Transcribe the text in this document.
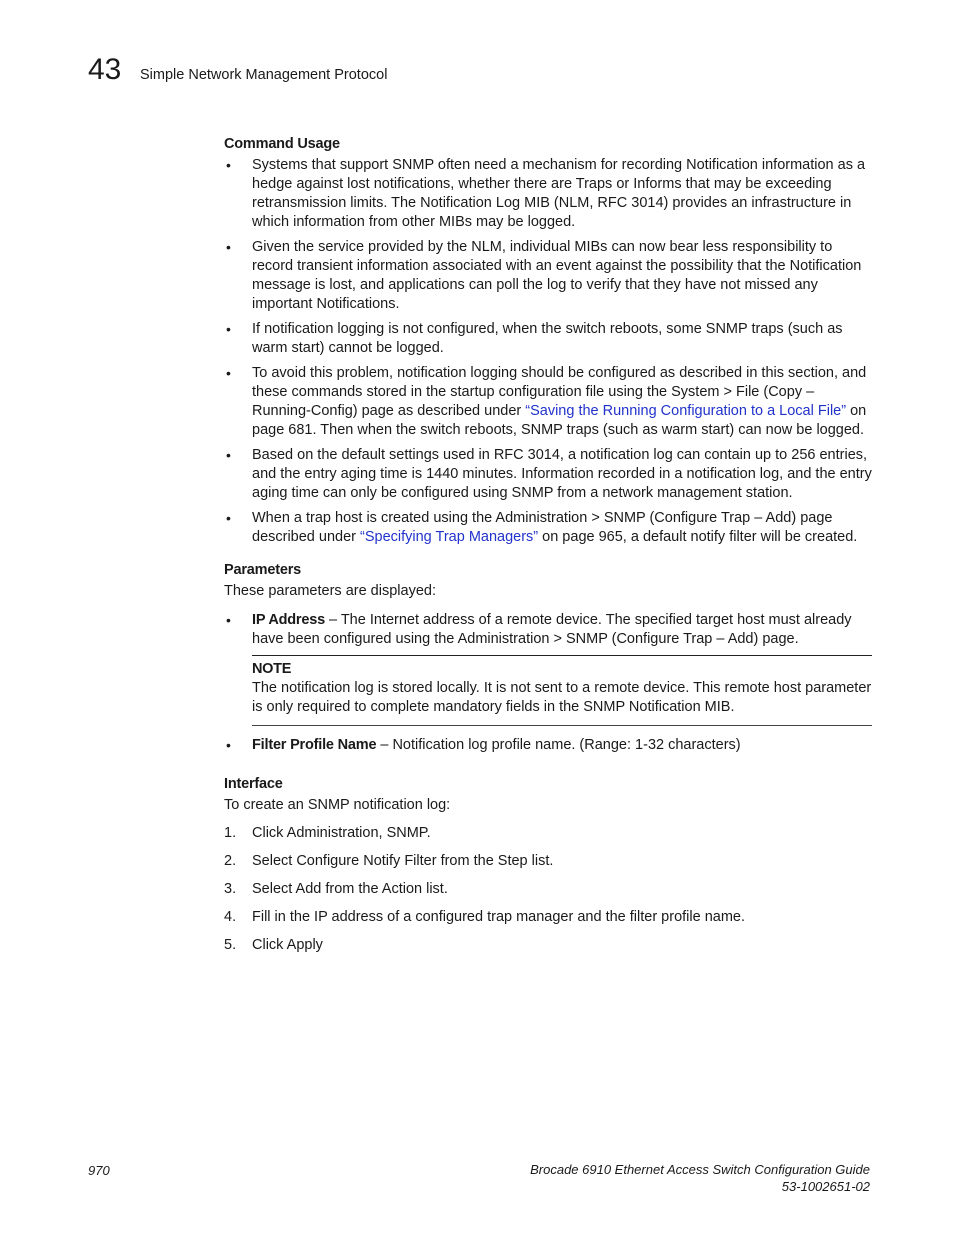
43 Simple Network Management Protocol
Command Usage
• Systems that support SNMP often need a mechanism for recording Notification information as a hedge against lost notifications, whether there are Traps or Informs that may be exceeding retransmission limits. The Notification Log MIB (NLM, RFC 3014) provides an infrastructure in which information from other MIBs may be logged.
• Given the service provided by the NLM, individual MIBs can now bear less responsibility to record transient information associated with an event against the possibility that the Notification message is lost, and applications can poll the log to verify that they have not missed any important Notifications.
• If notification logging is not configured, when the switch reboots, some SNMP traps (such as warm start) cannot be logged.
• To avoid this problem, notification logging should be configured as described in this section, and these commands stored in the startup configuration file using the System > File (Copy – Running-Config) page as described under “Saving the Running Configuration to a Local File” on page 681. Then when the switch reboots, SNMP traps (such as warm start) can now be logged.
• Based on the default settings used in RFC 3014, a notification log can contain up to 256 entries, and the entry aging time is 1440 minutes. Information recorded in a notification log, and the entry aging time can only be configured using SNMP from a network management station.
• When a trap host is created using the Administration > SNMP (Configure Trap – Add) page described under “Specifying Trap Managers” on page 965, a default notify filter will be created.
Parameters
These parameters are displayed:
• IP Address – The Internet address of a remote device. The specified target host must already have been configured using the Administration > SNMP (Configure Trap – Add) page.
NOTE
The notification log is stored locally. It is not sent to a remote device. This remote host parameter is only required to complete mandatory fields in the SNMP Notification MIB.
• Filter Profile Name – Notification log profile name. (Range: 1-32 characters)
Interface
To create an SNMP notification log:
1. Click Administration, SNMP.
2. Select Configure Notify Filter from the Step list.
3. Select Add from the Action list.
4. Fill in the IP address of a configured trap manager and the filter profile name.
5. Click Apply
970	Brocade 6910 Ethernet Access Switch Configuration Guide
53-1002651-02
